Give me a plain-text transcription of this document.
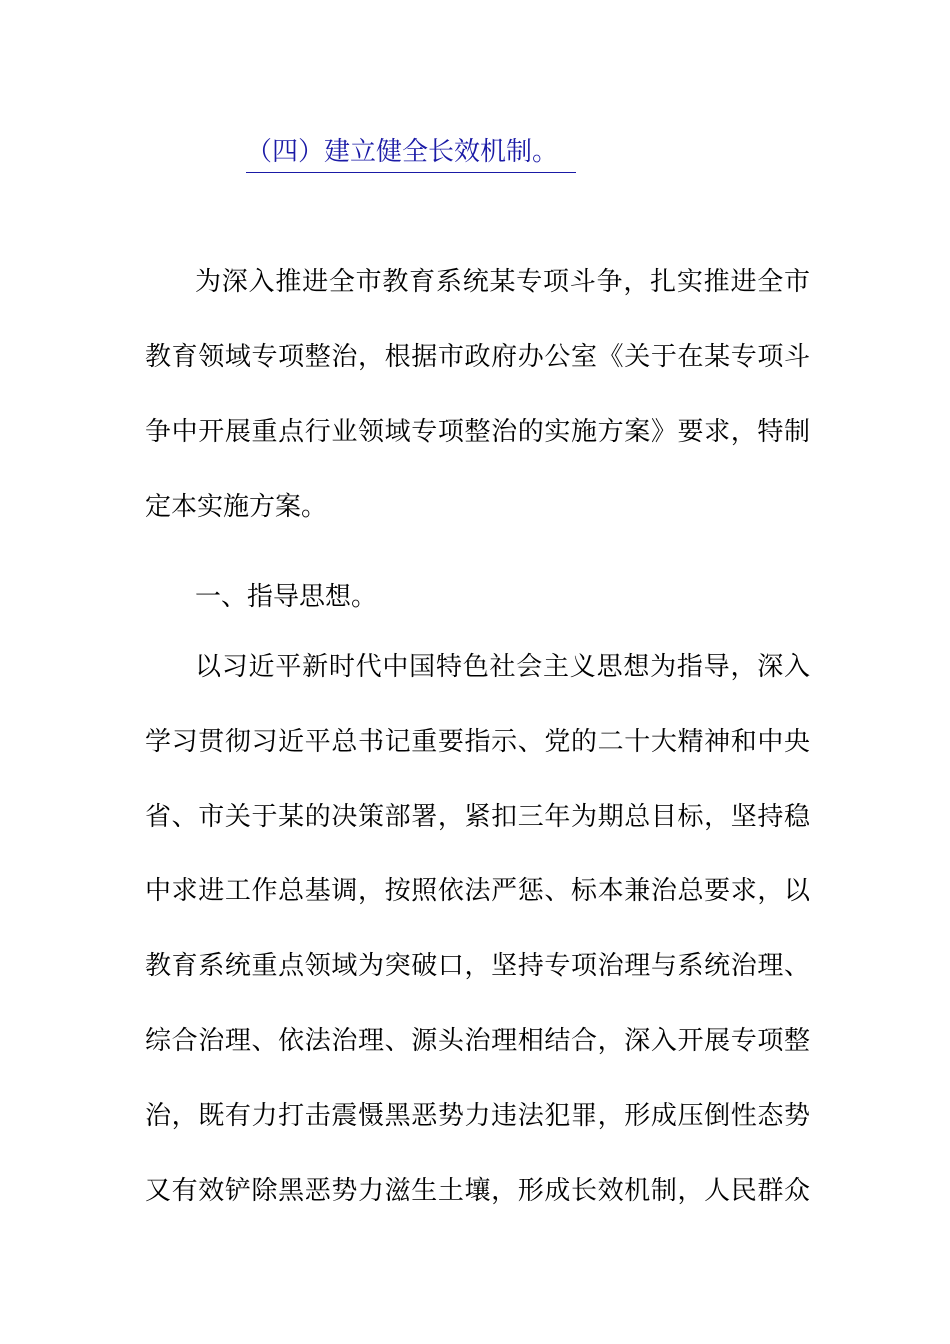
（四）建立健全长效机制。
为深入推进全市教育系统某专项斗争，扎实推进全市
教育领域专项整治，根据市政府办公室《关于在某专项斗
争中开展重点行业领域专项整治的实施方案》要求，特制
定本实施方案。
一、指导思想。
以习近平新时代中国特色社会主义思想为指导，深入
学习贯彻习近平总书记重要指示、党的二十大精神和中央
省、市关于某的决策部署，紧扣三年为期总目标，坚持稳
中求进工作总基调，按照依法严惩、标本兼治总要求，以
教育系统重点领域为突破口，坚持专项治理与系统治理、
综合治理、依法治理、源头治理相结合，深入开展专项整
治，既有力打击震慑黑恶势力违法犯罪，形成压倒性态势
又有效铲除黑恶势力滋生土壤，形成长效机制，人民群众
